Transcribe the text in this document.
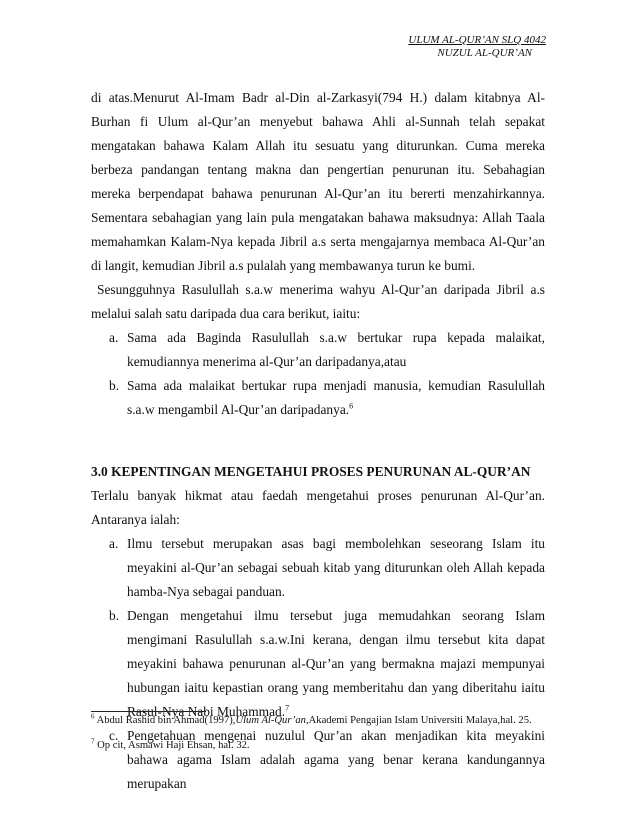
ULUM AL-QUR’AN SLQ 4042
NUZUL AL-QUR’AN

di atas.Menurut Al-Imam Badr al-Din al-Zarkasyi(794 H.) dalam kitabnya Al-Burhan fi Ulum al-Qur’an menyebut bahawa Ahli al-Sunnah telah sepakat mengatakan bahawa Kalam Allah itu sesuatu yang diturunkan. Cuma mereka berbeza pandangan tentang makna dan pengertian penurunan itu. Sebahagian mereka berpendapat bahawa penurunan Al-Qur’an itu bererti menzahirkannya. Sementara sebahagian yang lain pula mengatakan bahawa maksudnya: Allah Taala memahamkan Kalam-Nya kepada Jibril a.s serta mengajarnya membaca Al-Qur’an di langit, kemudian Jibril a.s pulalah yang membawanya turun ke bumi.

Sesungguhnya Rasulullah s.a.w menerima wahyu Al-Qur’an daripada Jibril a.s melalui salah satu daripada dua cara berikut, iaitu:

a. Sama ada Baginda Rasulullah s.a.w bertukar rupa kepada malaikat, kemudiannya menerima al-Qur’an daripadanya,atau
b. Sama ada malaikat bertukar rupa menjadi manusia, kemudian Rasulullah s.a.w mengambil Al-Qur’an daripadanya.$^6$
3.0 KEPENTINGAN MENGETAHUI PROSES PENURUNAN AL-QUR’AN

Terlalu banyak hikmat atau faedah mengetahui proses penurunan Al-Qur’an. Antaranya ialah:

a. Ilmu tersebut merupakan asas bagi membolehkan seseorang Islam itu meyakini al-Qur’an sebagai sebuah kitab yang diturunkan oleh Allah kepada hamba-Nya sebagai panduan.
b. Dengan mengetahui ilmu tersebut juga memudahkan seorang Islam mengimani Rasulullah s.a.w.Ini kerana, dengan ilmu tersebut kita dapat meyakini bahawa penurunan al-Qur’an yang bermakna majazi mempunyai hubungan iaitu kepastian orang yang memberitahu dan yang diberitahu iaitu Rasul-Nya Nabi Muhammad.$^7$
c. Pengetahuan mengenai nuzulul Qur’an akan menjadikan kita meyakini bahawa agama Islam adalah agama yang benar kerana kandungannya merupakan

$^6$ Abdul Rashid bin Ahmad(1997),Ulum Al-Qur’an,Akademi Pengajian Islam Universiti Malaya,hal. 25.

$^7$ Op cit, Asmawi Haji Ehsan, hal. 32.
